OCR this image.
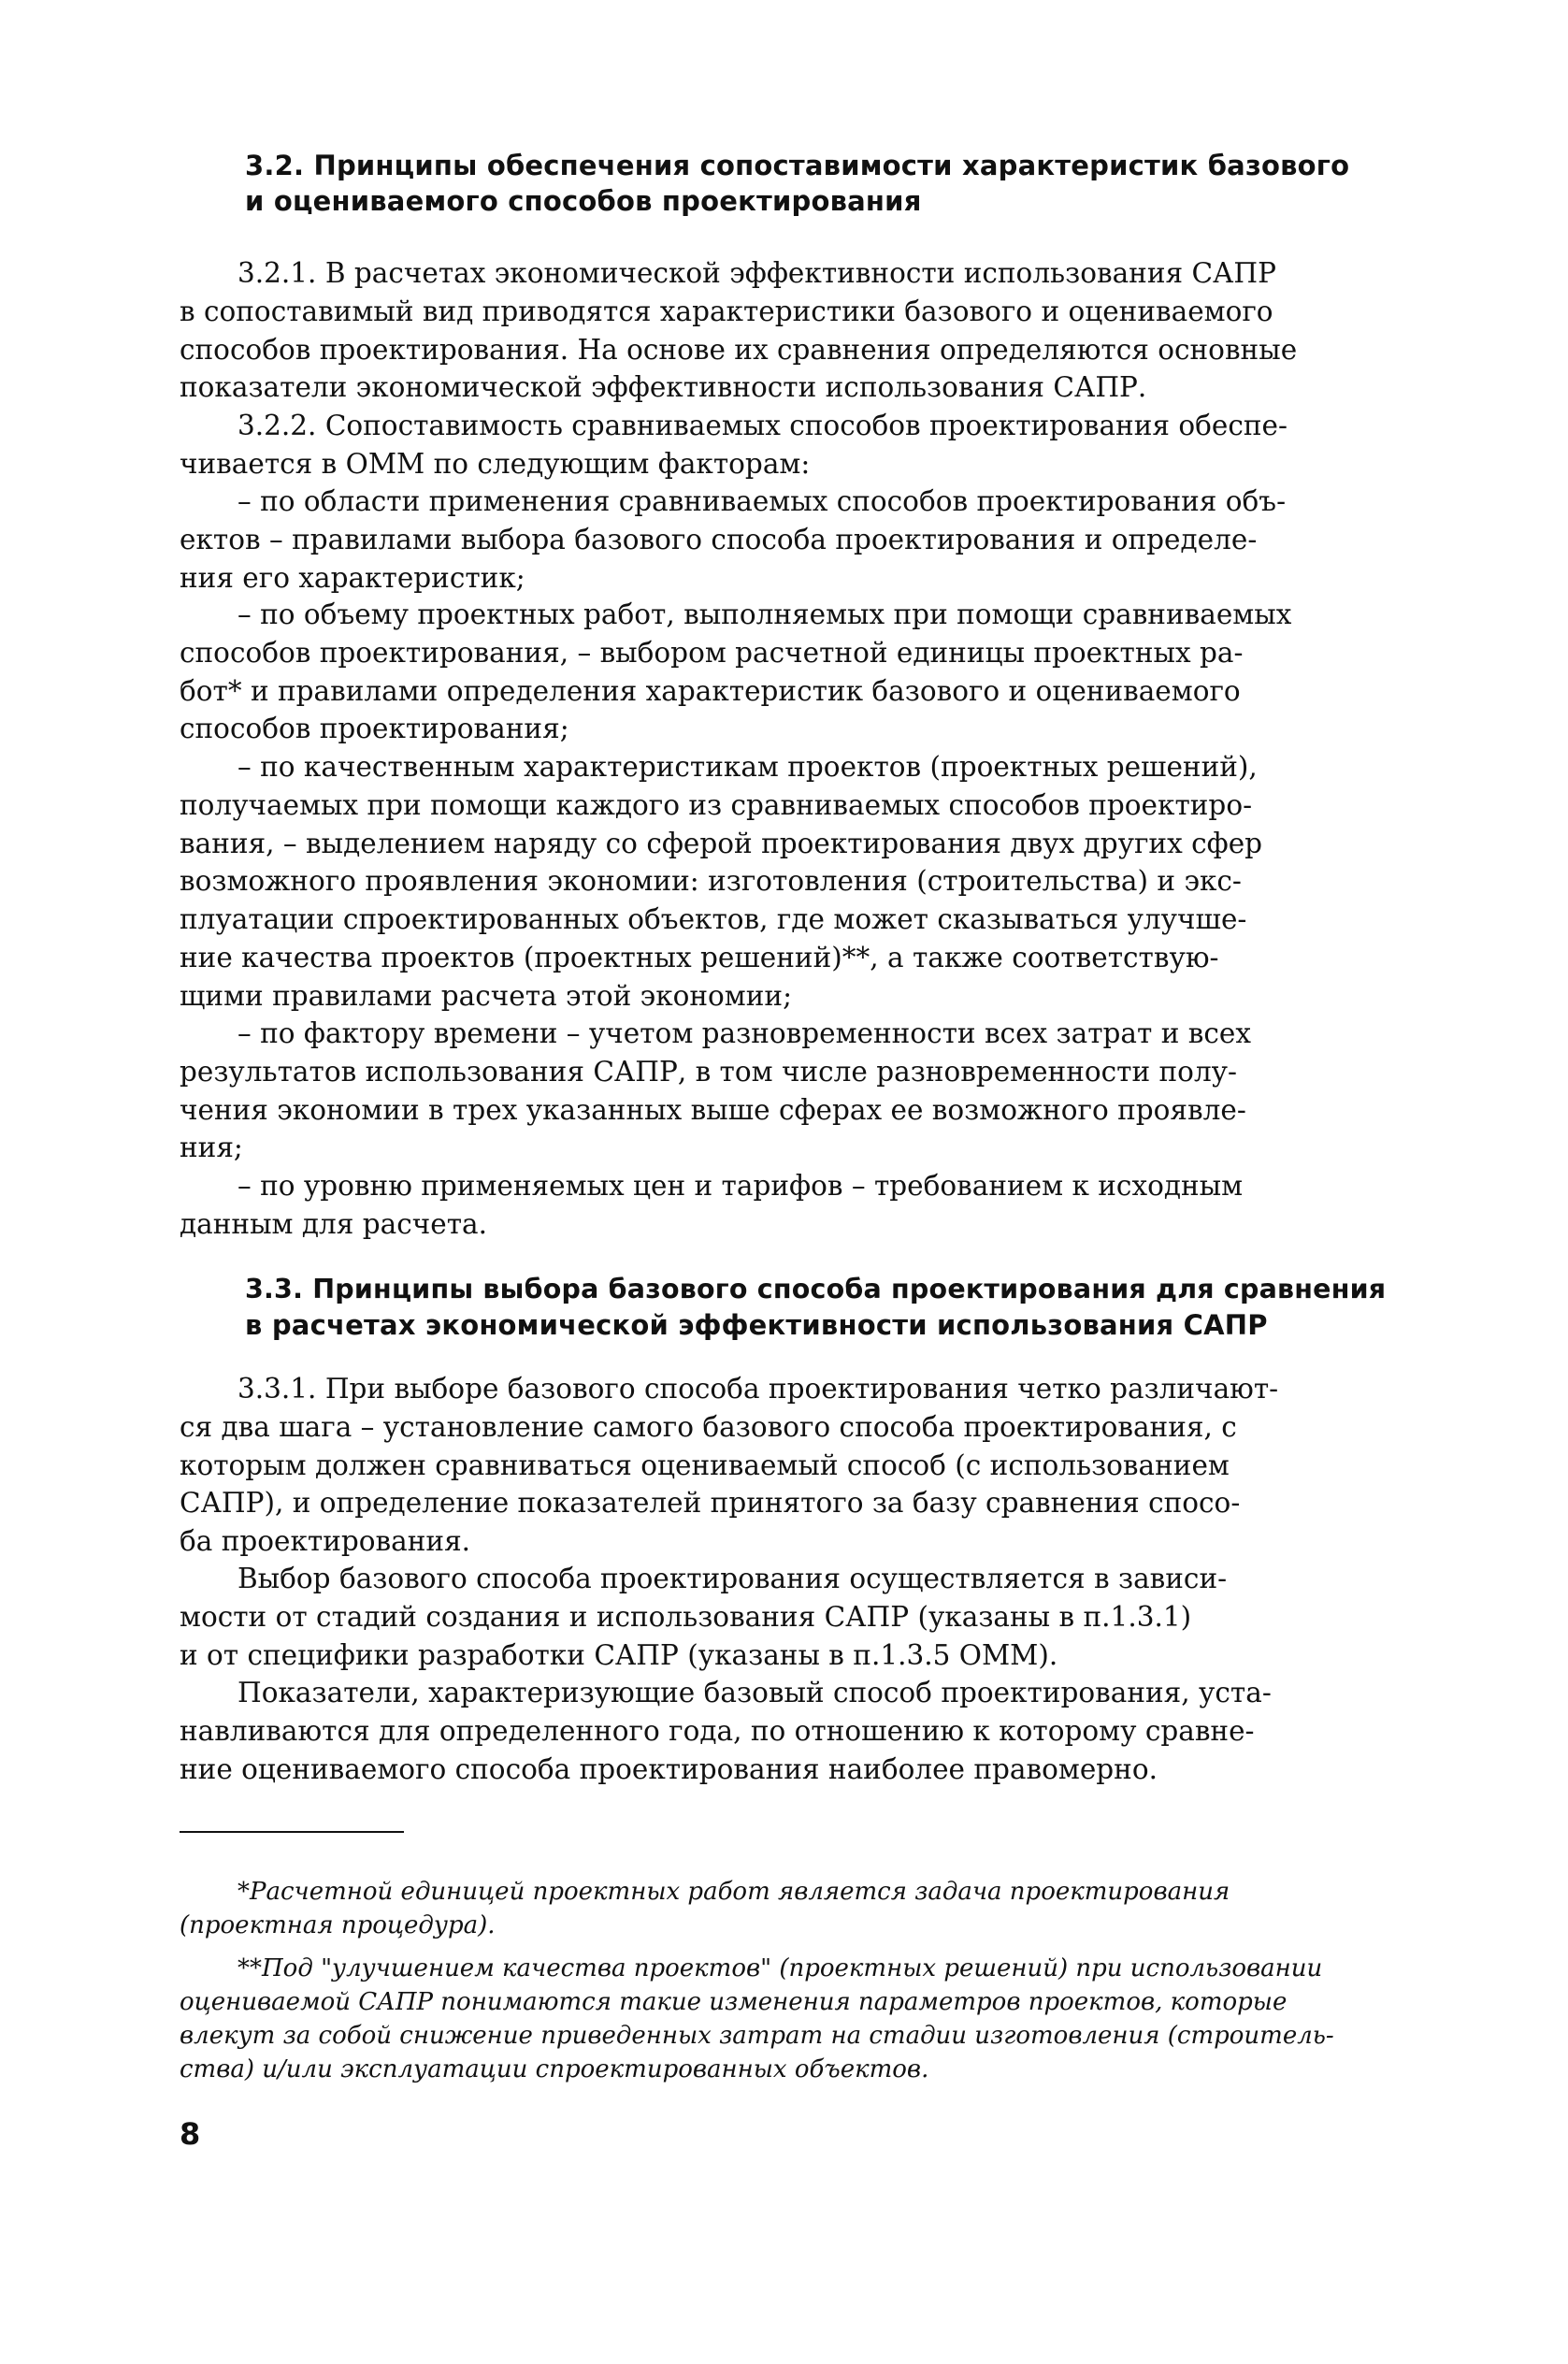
3.2. Принципы обеспечения сопоставимости характеристик базового
и оцениваемого способов проектирования
3.2.1. В расчетах экономической эффективности использования САПР
в сопоставимый вид приводятся характеристики базового и оцениваемого
способов проектирования. На основе их сравнения определяются основные
показатели экономической эффективности использования САПР.
3.2.2. Сопоставимость сравниваемых способов проектирования обеспе-
чивается в ОММ по следующим факторам:
– по области применения сравниваемых способов проектирования объ-
ектов – правилами выбора базового способа проектирования и определе-
ния его характеристик;
– по объему проектных работ, выполняемых при помощи сравниваемых
способов проектирования, – выбором расчетной единицы проектных ра-
бот* и правилами определения характеристик базового и оцениваемого
способов проектирования;
– по качественным характеристикам проектов (проектных решений),
получаемых при помощи каждого из сравниваемых способов проектиро-
вания, – выделением наряду со сферой проектирования двух других сфер
возможного проявления экономии: изготовления (строительства) и экс-
плуатации спроектированных объектов, где может сказываться улучше-
ние качества проектов (проектных решений)**, а также соответствую-
щими правилами расчета этой экономии;
– по фактору времени – учетом разновременности всех затрат и всех
результатов использования САПР, в том числе разновременности полу-
чения экономии в трех указанных выше сферах ее возможного проявле-
ния;
– по уровню применяемых цен и тарифов – требованием к исходным
данным для расчета.
3.3. Принципы выбора базового способа проектирования для сравнения
в расчетах экономической эффективности использования САПР
3.3.1. При выборе базового способа проектирования четко различают-
ся два шага – установление самого базового способа проектирования, с
которым должен сравниваться оцениваемый способ (с использованием
САПР), и определение показателей принятого за базу сравнения спосо-
ба проектирования.
Выбор базового способа проектирования осуществляется в зависи-
мости от стадий создания и использования САПР (указаны в п.1.3.1)
и от специфики разработки САПР (указаны в п.1.3.5 ОММ).
Показатели, характеризующие базовый способ проектирования, уста-
навливаются для определенного года, по отношению к которому сравне-
ние оцениваемого способа проектирования наиболее правомерно.
*Расчетной единицей проектных работ является задача проектирования
(проектная процедура).
**Под "улучшением качества проектов" (проектных решений) при использовании
оцениваемой САПР понимаются такие изменения параметров проектов, которые
влекут за собой снижение приведенных затрат на стадии изготовления (строитель-
ства) и/или эксплуатации спроектированных объектов.
8
